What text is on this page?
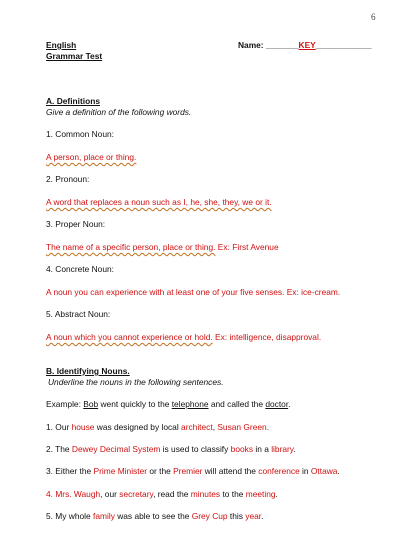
6
English
Grammar Test
Name: _______KEY____________
A. Definitions
Give a definition of the following words.
1. Common Noun:
A person, place or thing.
2. Pronoun:
A word that replaces a noun such as I, he, she, they, we or it.
3. Proper Noun:
The name of a specific person, place or thing. Ex: First Avenue
4. Concrete Noun:
A noun you can experience with at least one of your five senses. Ex: ice-cream.
5. Abstract Noun:
A noun which you cannot experience or hold. Ex: intelligence, disapproval.
B. Identifying Nouns.
Underline the nouns in the following sentences.
Example: Bob went quickly to the telephone and called the doctor.
1. Our house was designed by local architect, Susan Green.
2. The Dewey Decimal System is used to classify books in a library.
3. Either the Prime Minister or the Premier will attend the conference in Ottawa.
4. Mrs. Waugh, our secretary, read the minutes to the meeting.
5. My whole family was able to see the Grey Cup this year.
